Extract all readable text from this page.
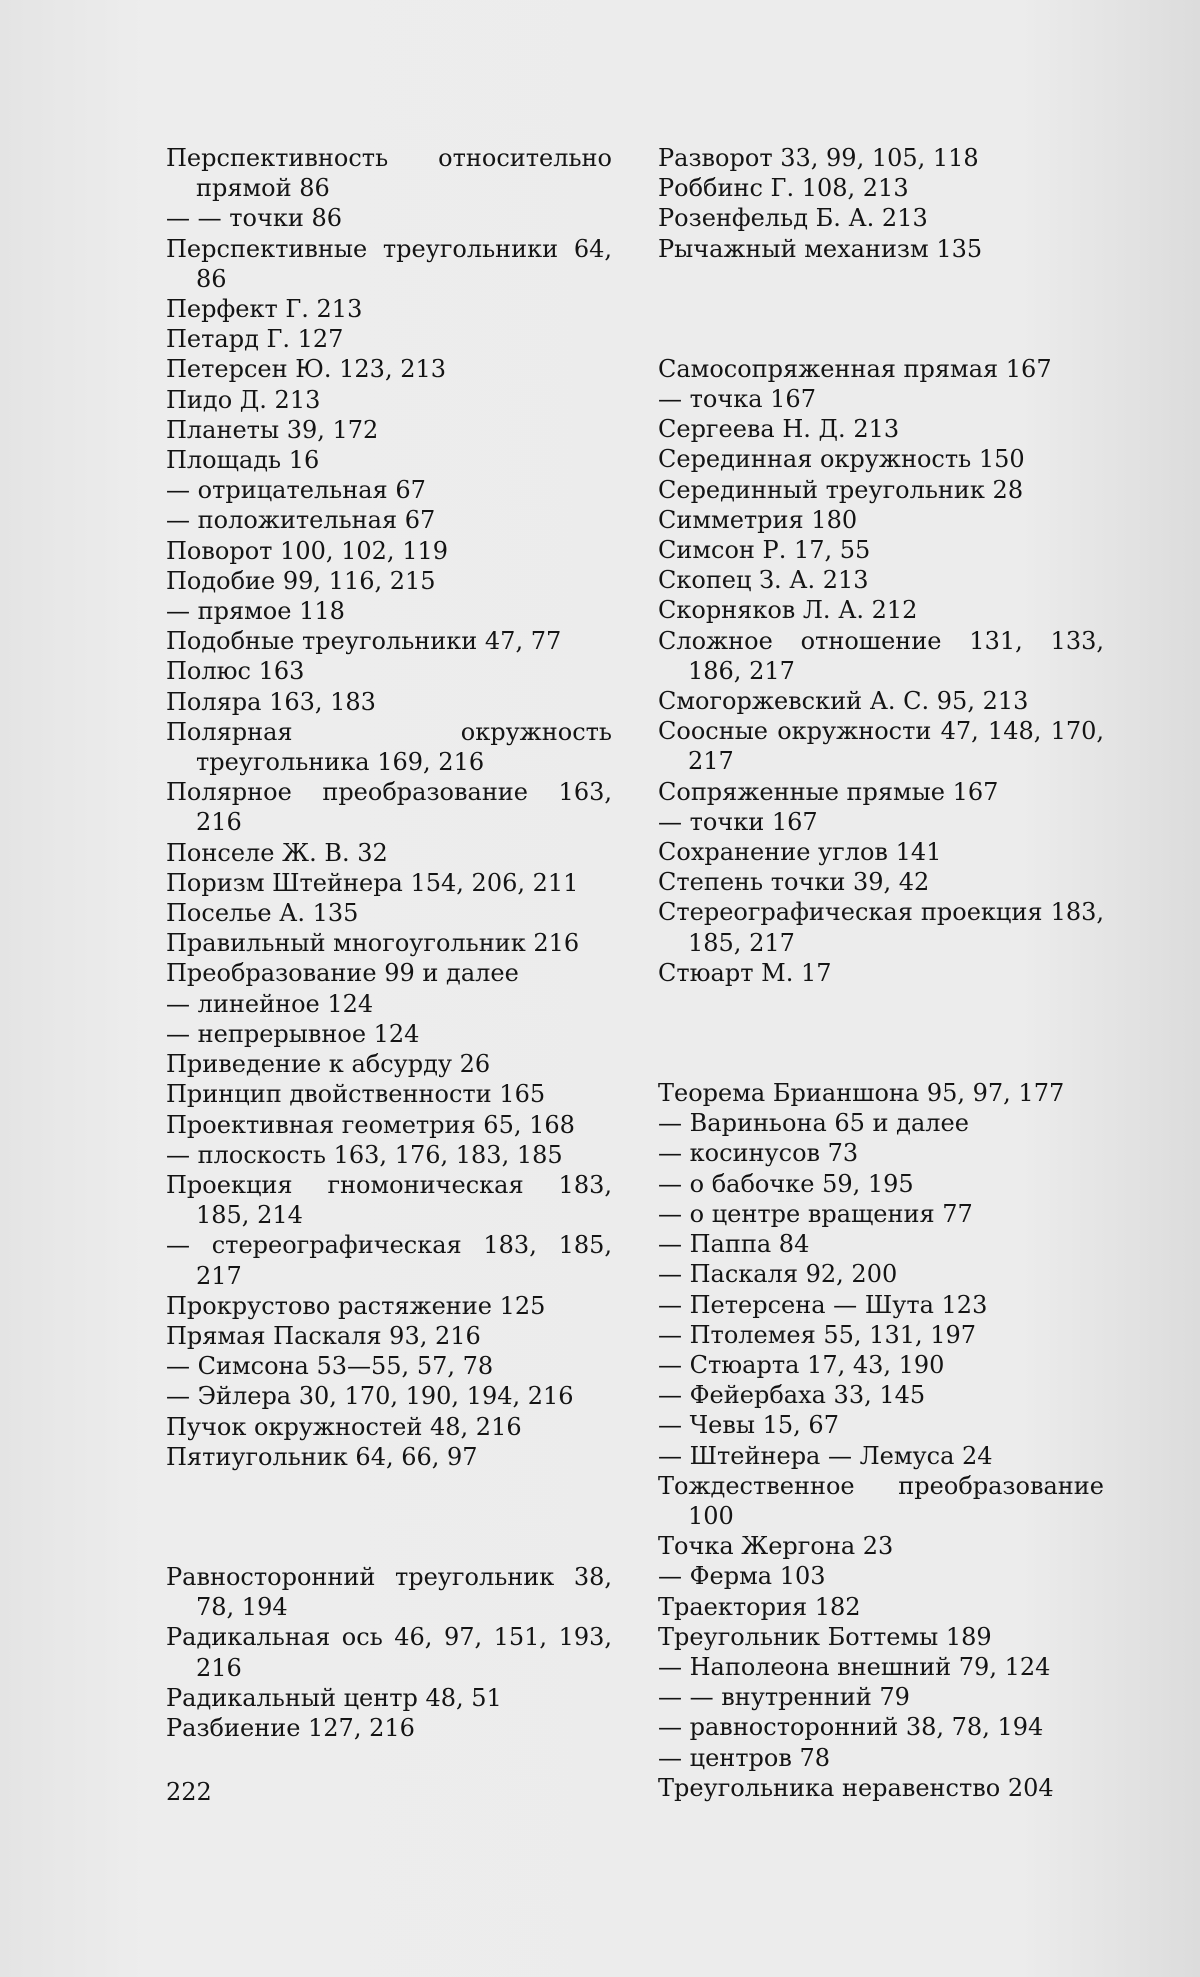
Перспективность относительно прямой 86

— — точки 86

Перспективные треугольники 64, 86

Перфект Г. 213

Петард Г. 127

Петерсен Ю. 123, 213

Пидо Д. 213

Планеты 39, 172

Площадь 16

— отрицательная 67

— положительная 67

Поворот 100, 102, 119

Подобие 99, 116, 215

— прямое 118

Подобные треугольники 47, 77

Полюс 163

Поляра 163, 183

Полярная окружность треугольника 169, 216

Полярное преобразование 163, 216

Понселе Ж. В. 32

Поризм Штейнера 154, 206, 211

Поселье А. 135

Правильный многоугольник 216

Преобразование 99 и далее

— линейное 124

— непрерывное 124

Приведение к абсурду 26

Принцип двойственности 165

Проективная геометрия 65, 168

— плоскость 163, 176, 183, 185

Проекция гномоническая 183, 185, 214

— стереографическая 183, 185, 217

Прокрустово растяжение 125

Прямая Паскаля 93, 216

— Симсона 53—55, 57, 78

— Эйлера 30, 170, 190, 194, 216

Пучок окружностей 48, 216

Пятиугольник 64, 66, 97

Равносторонний треугольник 38, 78, 194

Радикальная ось 46, 97, 151, 193, 216

Радикальный центр 48, 51

Разбиение 127, 216

Разворот 33, 99, 105, 118

Роббинс Г. 108, 213

Розенфельд Б. А. 213

Рычажный механизм 135

Самосопряженная прямая 167

— точка 167

Сергеева Н. Д. 213

Серединная окружность 150

Серединный треугольник 28

Симметрия 180

Симсон Р. 17, 55

Скопец З. А. 213

Скорняков Л. А. 212

Сложное отношение 131, 133, 186, 217

Смогоржевский А. С. 95, 213

Соосные окружности 47, 148, 170, 217

Сопряженные прямые 167

— точки 167

Сохранение углов 141

Степень точки 39, 42

Стереографическая проекция 183, 185, 217

Стюарт М. 17

Теорема Брианшона 95, 97, 177

— Вариньона 65 и далее

— косинусов 73

— о бабочке 59, 195

— о центре вращения 77

— Паппа 84

— Паскаля 92, 200

— Петерсена — Шута 123

— Птолемея 55, 131, 197

— Стюарта 17, 43, 190

— Фейербаха 33, 145

— Чевы 15, 67

— Штейнера — Лемуса 24

Тождественное преобразование 100

Точка Жергона 23

— Ферма 103

Траектория 182

Треугольник Боттемы 189

— Наполеона внешний 79, 124

— — внутренний 79

— равносторонний 38, 78, 194

— центров 78

Треугольника неравенство 204

222
